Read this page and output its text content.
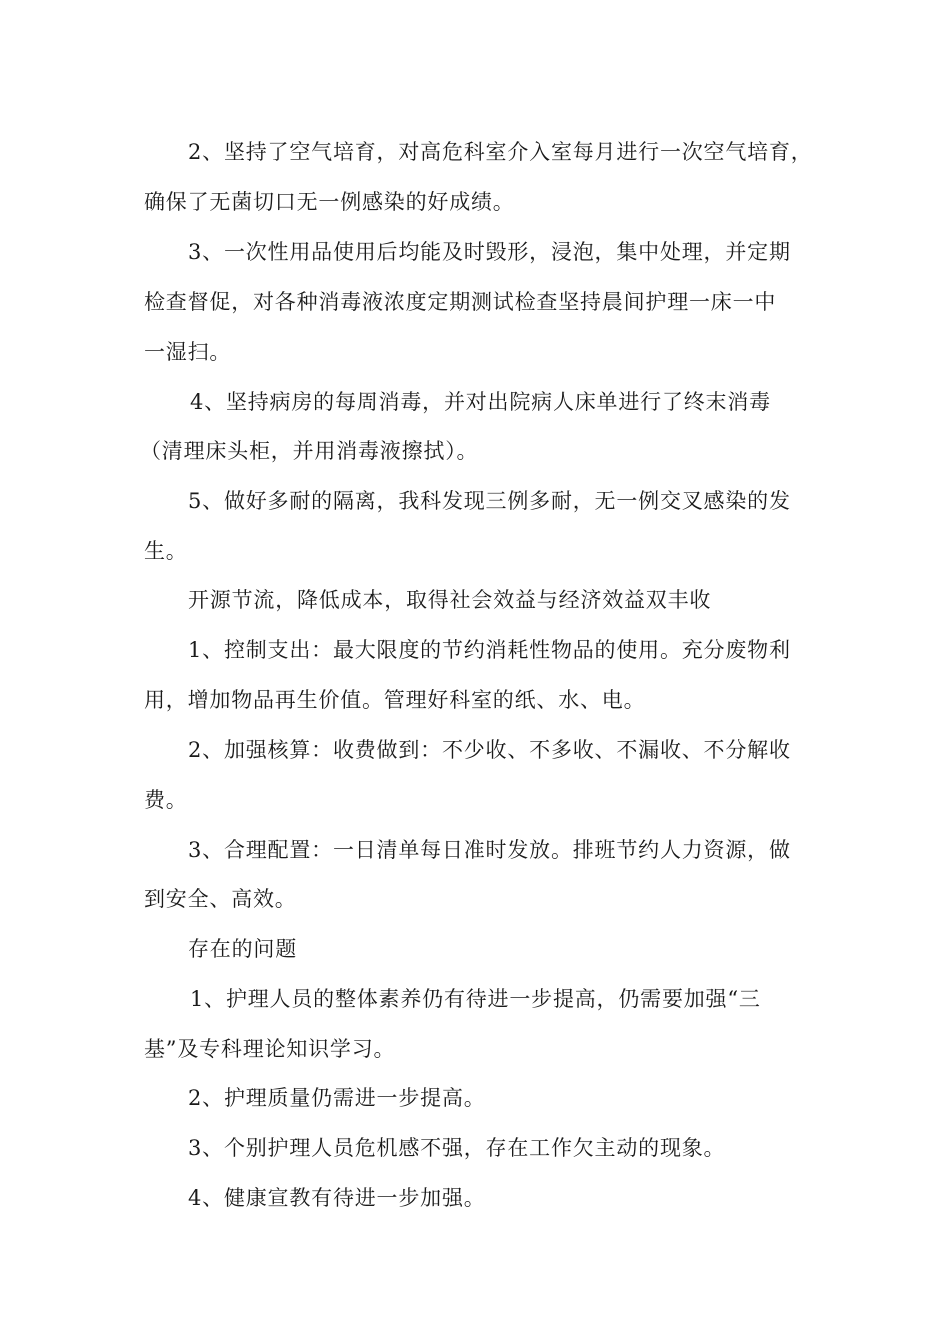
2、坚持了空气培育，对高危科室介入室每月进行一次空气培育，
确保了无菌切口无一例感染的好成绩。
3、一次性用品使用后均能及时毁形，浸泡，集中处理，并定期
检查督促，对各种消毒液浓度定期测试检查坚持晨间护理一床一中
一湿扫。
4、坚持病房的每周消毒，并对出院病人床单进行了终末消毒
（清理床头柜，并用消毒液擦拭）。
5、做好多耐的隔离，我科发现三例多耐，无一例交叉感染的发
生。
开源节流，降低成本，取得社会效益与经济效益双丰收
1、控制支出：最大限度的节约消耗性物品的使用。充分废物利
用，增加物品再生价值。管理好科室的纸、水、电。
2、加强核算：收费做到：不少收、不多收、不漏收、不分解收
费。
3、合理配置：一日清单每日准时发放。排班节约人力资源，做
到安全、高效。
存在的问题
1、护理人员的整体素养仍有待进一步提高，仍需要加强“三
基”及专科理论知识学习。
2、护理质量仍需进一步提高。
3、个别护理人员危机感不强，存在工作欠主动的现象。
4、健康宣教有待进一步加强。
